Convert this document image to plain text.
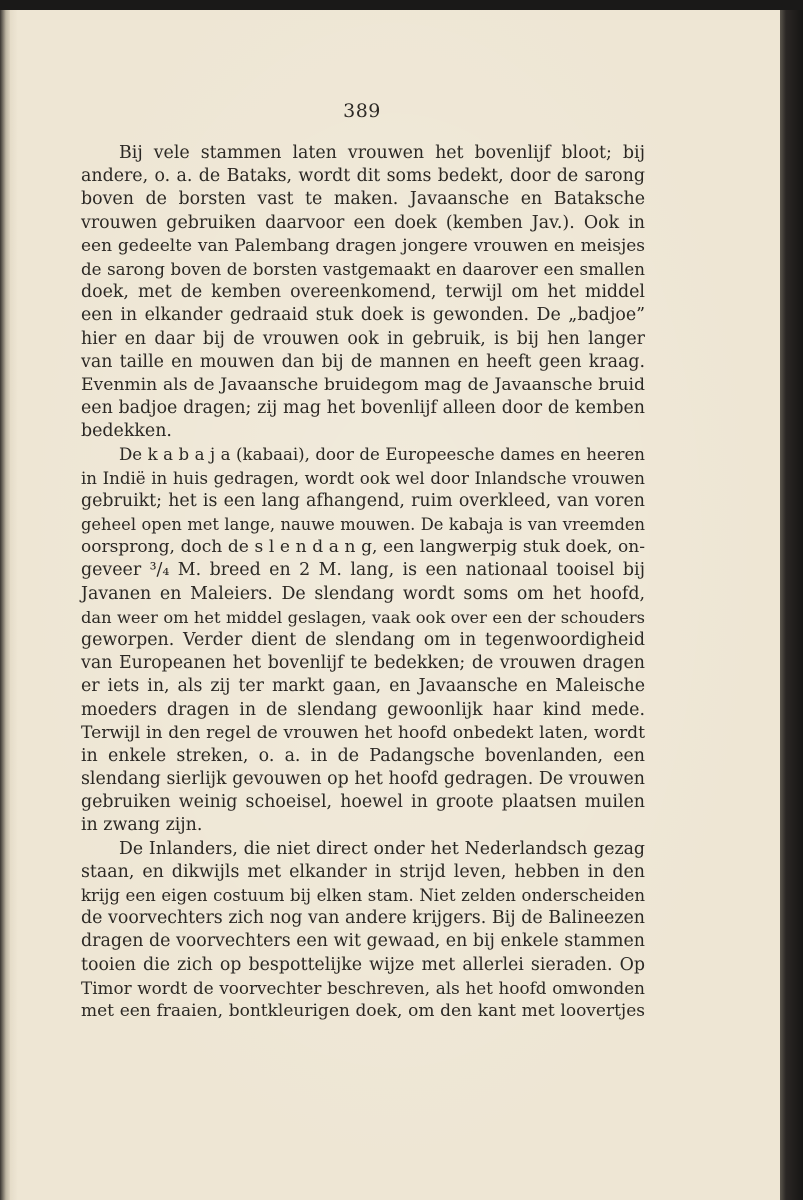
389
Bij vele stammen laten vrouwen het bovenlijf bloot; bij
andere, o. a. de Bataks, wordt dit soms bedekt, door de sarong
boven de borsten vast te maken. Javaansche en Bataksche
vrouwen gebruiken daarvoor een doek (kemben Jav.). Ook in
een gedeelte van Palembang dragen jongere vrouwen en meisjes
de sarong boven de borsten vastgemaakt en daarover een smallen
doek, met de kemben overeenkomend, terwijl om het middel
een in elkander gedraaid stuk doek is gewonden. De „badjoe”
hier en daar bij de vrouwen ook in gebruik, is bij hen langer
van taille en mouwen dan bij de mannen en heeft geen kraag.
Evenmin als de Javaansche bruidegom mag de Javaansche bruid
een badjoe dragen; zij mag het bovenlijf alleen door de kemben
bedekken.
De k a b a j a (kabaai), door de Europeesche dames en heeren
in Indië in huis gedragen, wordt ook wel door Inlandsche vrouwen
gebruikt; het is een lang afhangend, ruim overkleed, van voren
geheel open met lange, nauwe mouwen. De kabaja is van vreemden
oorsprong, doch de s l e n d a n g, een langwerpig stuk doek, on-
geveer ³/₄ M. breed en 2 M. lang, is een nationaal tooisel bij
Javanen en Maleiers. De slendang wordt soms om het hoofd,
dan weer om het middel geslagen, vaak ook over een der schouders
geworpen. Verder dient de slendang om in tegenwoordigheid
van Europeanen het bovenlijf te bedekken; de vrouwen dragen
er iets in, als zij ter markt gaan, en Javaansche en Maleische
moeders dragen in de slendang gewoonlijk haar kind mede.
Terwijl in den regel de vrouwen het hoofd onbedekt laten, wordt
in enkele streken, o. a. in de Padangsche bovenlanden, een
slendang sierlijk gevouwen op het hoofd gedragen. De vrouwen
gebruiken weinig schoeisel, hoewel in groote plaatsen muilen
in zwang zijn.
De Inlanders, die niet direct onder het Nederlandsch gezag
staan, en dikwijls met elkander in strijd leven, hebben in den
krijg een eigen costuum bij elken stam. Niet zelden onderscheiden
de voorvechters zich nog van andere krijgers. Bij de Balineezen
dragen de voorvechters een wit gewaad, en bij enkele stammen
tooien die zich op bespottelijke wijze met allerlei sieraden. Op
Timor wordt de voorvechter beschreven, als het hoofd omwonden
met een fraaien, bontkleurigen doek, om den kant met loovertjes
